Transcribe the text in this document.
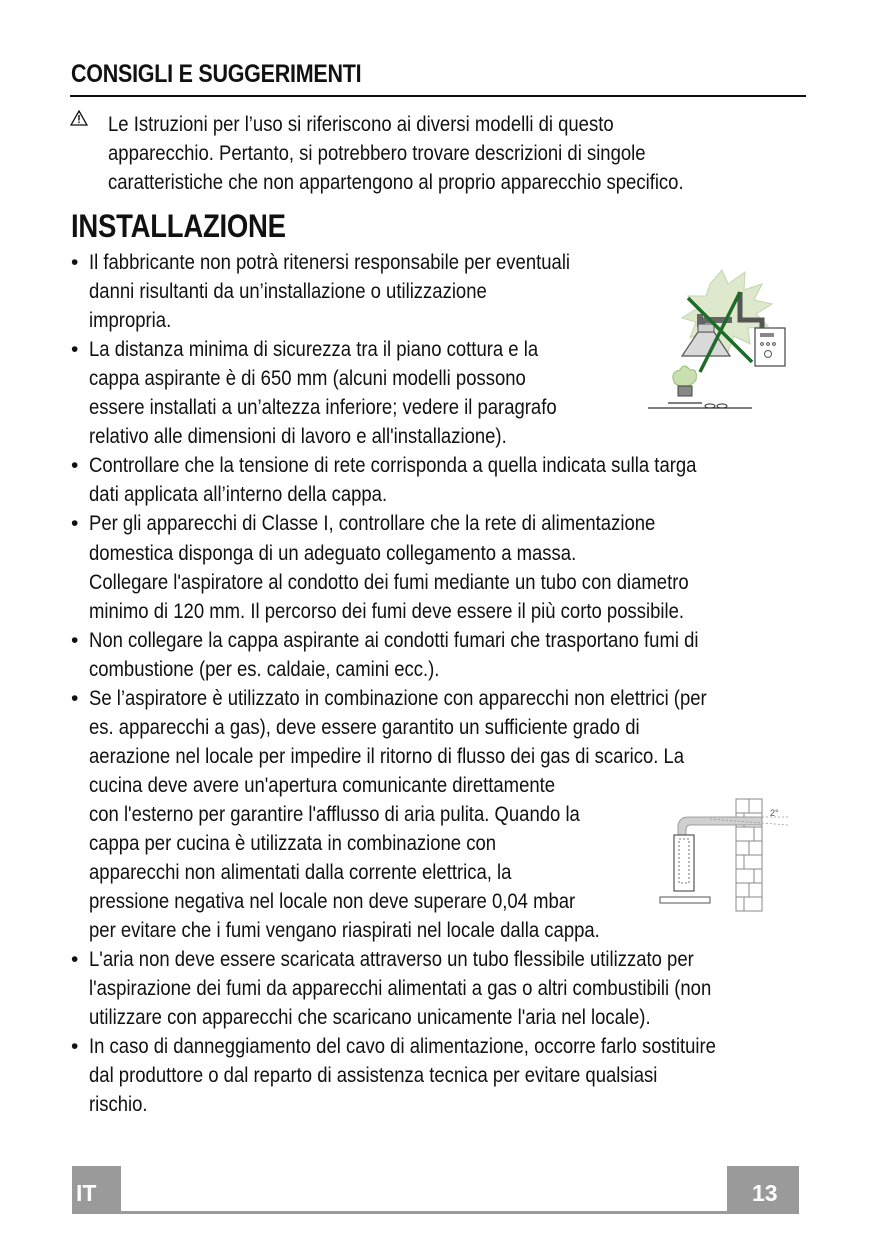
CONSIGLI E SUGGERIMENTI
Le Istruzioni per l’uso si riferiscono ai diversi modelli di questo
apparecchio. Pertanto, si potrebbero trovare descrizioni di singole
caratteristiche che non appartengono al proprio apparecchio specifico.
INSTALLAZIONE
Il fabbricante non potrà ritenersi responsabile per eventuali
•
danni risultanti da un’installazione o utilizzazione
impropria.
La distanza minima di sicurezza tra il piano cottura e la
•
cappa aspirante è di 650 mm (alcuni modelli possono
essere installati a un’altezza inferiore; vedere il paragrafo
relativo alle dimensioni di lavoro e all'installazione).
Controllare che la tensione di rete corrisponda a quella indicata sulla targa
•
dati applicata all’interno della cappa.
Per gli apparecchi di Classe I, controllare che la rete di alimentazione
•
domestica disponga di un adeguato collegamento a massa.
Collegare l'aspiratore al condotto dei fumi mediante un tubo con diametro
minimo di 120 mm. Il percorso dei fumi deve essere il più corto possibile.
Non collegare la cappa aspirante ai condotti fumari che trasportano fumi di
•
combustione (per es. caldaie, camini ecc.).
Se l’aspiratore è utilizzato in combinazione con apparecchi non elettrici (per
•
es. apparecchi a gas), deve essere garantito un sufficiente grado di
aerazione nel locale per impedire il ritorno di flusso dei gas di scarico. La
cucina deve avere un'apertura comunicante direttamente
con l'esterno per garantire l'afflusso di aria pulita. Quando la
cappa per cucina è utilizzata in combinazione con
apparecchi non alimentati dalla corrente elettrica, la
pressione negativa nel locale non deve superare 0,04 mbar
per evitare che i fumi vengano riaspirati nel locale dalla cappa.
L'aria non deve essere scaricata attraverso un tubo flessibile utilizzato per
•
l'aspirazione dei fumi da apparecchi alimentati a gas o altri combustibili (non
utilizzare con apparecchi che scaricano unicamente l'aria nel locale).
In caso di danneggiamento del cavo di alimentazione, occorre farlo sostituire
•
dal produttore o dal reparto di assistenza tecnica per evitare qualsiasi
rischio.
2°
IT	13
